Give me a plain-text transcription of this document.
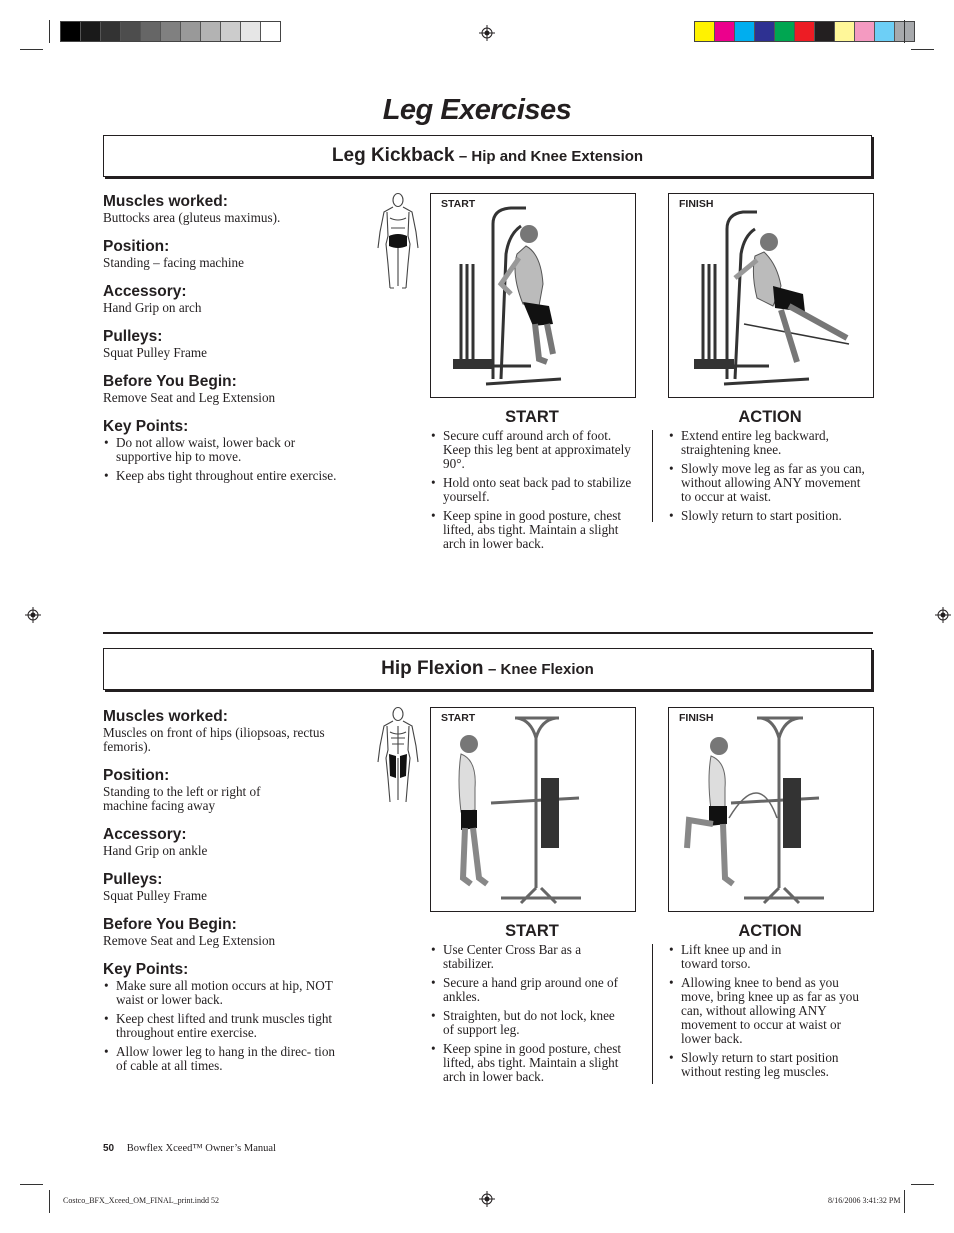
Leg Exercises
Leg Kickback – Hip and Knee Extension

Muscles worked:

Buttocks area (gluteus maximus).

Position:

Standing – facing machine

Accessory:

Hand Grip on arch

Pulleys:

Squat Pulley Frame

Before You Begin:

Remove Seat and Leg Extension

Key Points:

• Do not allow waist, lower back or supportive hip to move.
• Keep abs tight throughout entire exercise.
START	FINISH

START

• Secure cuff around arch of foot. Keep this leg bent at approximately 90°.
• Hold onto seat back pad to stabilize yourself.
• Keep spine in good posture, chest lifted, abs tight. Maintain a slight arch in lower back.

ACTION

• Extend entire leg backward, straightening knee.
• Slowly move leg as far as you can, without allowing ANY movement to occur at waist.
• Slowly return to start position.
Hip Flexion – Knee Flexion

Muscles worked:

Muscles on front of hips (iliopsoas, rectus femoris).

Position:

Standing to the left or right of machine facing away

Accessory:

Hand Grip on ankle

Pulleys:

Squat Pulley Frame

Before You Begin:

Remove Seat and Leg Extension

Key Points:

• Make sure all motion occurs at hip, NOT waist or lower back.
• Keep chest lifted and trunk muscles tight throughout entire exercise.
• Allow lower leg to hang in the direc- tion of cable at all times.
START	FINISH

START

• Use Center Cross Bar as a stabilizer.
• Secure a hand grip around one of ankles.
• Straighten, but do not lock, knee of support leg.
• Keep spine in good posture, chest lifted, abs tight. Maintain a slight arch in lower back.

ACTION

• Lift knee up and in toward torso.
• Allowing knee to bend as you move, bring knee up as far as you can, without allowing ANY movement to occur at waist or lower back.
• Slowly return to start position without resting leg muscles.
50 Bowflex Xceed™ Owner’s Manual
Costco_BFX_Xceed_OM_FINAL_print.indd 52	8/16/2006 3:41:32 PM
